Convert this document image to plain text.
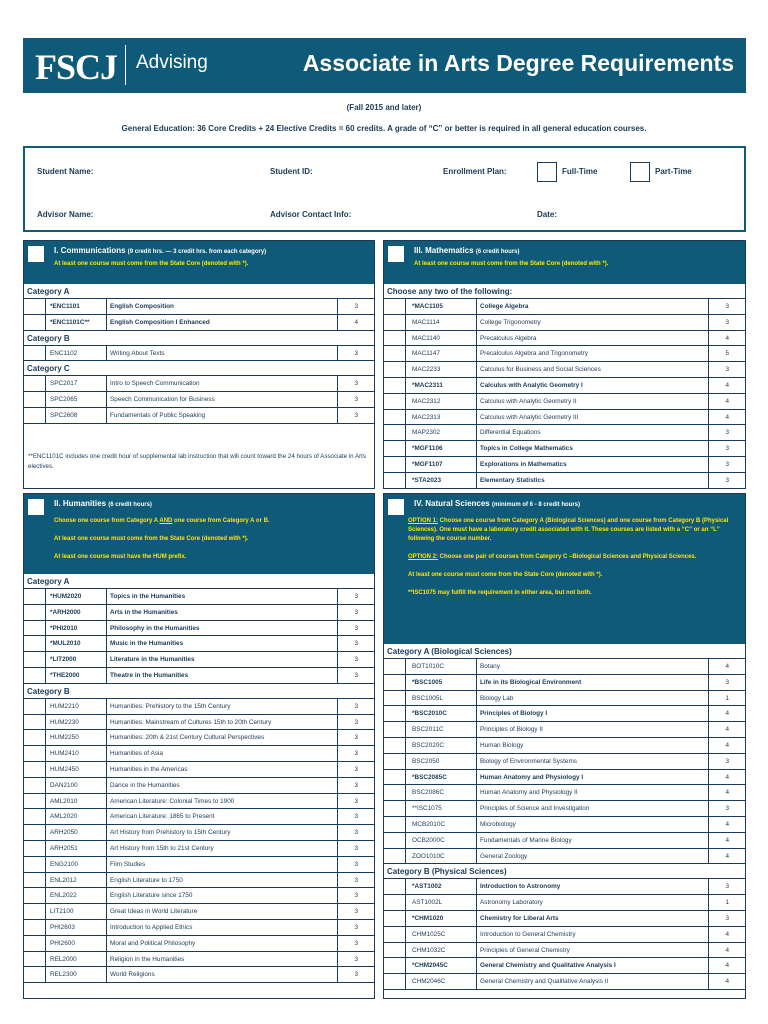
FSCJ Advising	Associate in Arts Degree Requirements
(Fall 2015 and later)
General Education: 36 Core Credits + 24 Elective Credits = 60 credits. A grade of “C” or better is required in all general education courses.
Student Name:	Student ID:	Enrollment Plan:	Full-Time	Part-Time
Advisor Name:	Advisor Contact Info:	Date:
I. Communications (9 credit hrs. — 3 credit hrs. from each category)
At least one course must come from the State Core (denoted with *).
Category A
*ENC1101	English Composition	3
*ENC1101C**	English Composition I Enhanced	4
Category B
ENC1102	Writing About Texts	3
Category C
SPC2017	Intro to Speech Communication	3
SPC2065	Speech Communication for Business	3
SPC2608	Fundamentals of Public Speaking	3
**ENC1101C includes one credit hour of supplemental lab instruction that will count toward the 24 hours of Associate in Arts electives.
III. Mathematics (6 credit hours)
At least one course must come from the State Core (denoted with *).
Choose any two of the following:
*MAC1105	College Algebra	3
MAC1114	College Trigonometry	3
MAC1140	Precalculus Algebra	4
MAC1147	Precalculus Algebra and Trigonometry	5
MAC2233	Calculus for Business and Social Sciences	3
*MAC2311	Calculus with Analytic Geometry I	4
MAC2312	Calculus with Analytic Geometry II	4
MAC2313	Calculus with Analytic Geometry III	4
MAP2302	Differential Equations	3
*MGF1106	Topics in College Mathematics	3
*MGF1107	Explorations in Mathematics	3
*STA2023	Elementary Statistics	3
II. Humanities (6 credit hours)
Choose one course from Category A AND one course from Category A or B.
At least one course must come from the State Core (denoted with *).
At least one course must have the HUM prefix.
Category A
*HUM2020	Topics in the Humanities	3
*ARH2000	Arts in the Humanities	3
*PHI2010	Philosophy in the Humanities	3
*MUL2010	Music in the Humanities	3
*LIT2000	Literature in the Humanities	3
*THE2000	Theatre in the Humanities	3
Category B
HUM2210	Humanities: Prehistory to the 15th Century	3
HUM2230	Humanities: Mainstream of Cultures 15th to 20th Century	3
HUM2250	Humanities: 20th & 21st Century Cultural Perspectives	3
HUM2410	Humanities of Asia	3
HUM2450	Humanities in the Americas	3
DAN2100	Dance in the Humanities	3
AML2010	American Literature: Colonial Times to 1900	3
AML2020	American Literature: 1865 to Present	3
ARH2050	Art History from Prehistory to 15th Century	3
ARH2051	Art History from 15th to 21st Century	3
ENG2100	Film Studies	3
ENL2012	English Literature to 1750	3
ENL2022	English Literature since 1750	3
LIT2100	Great Ideas in World Literature	3
PHI2603	Introduction to Applied Ethics	3
PHI2600	Moral and Political Philosophy	3
REL2000	Religion in the Humanities	3
REL2300	World Religions	3
IV. Natural Sciences (minimum of 6 - 8 credit hours)
OPTION 1: Choose one course from Category A (Biological Sciences) and one course from Category B (Physical Sciences). One must have a laboratory credit associated with it. These courses are listed with a “C” or an “L” following the course number.
OPTION 2: Choose one pair of courses from Category C –Biological Sciences and Physical Sciences.
At least one course must come from the State Core (denoted with *).
**ISC1075 may fulfill the requirement in either area, but not both.
Category A (Biological Sciences)
BOT1010C	Botany	4
*BSC1005	Life in its Biological Environment	3
BSC1005L	Biology Lab	1
*BSC2010C	Principles of Biology I	4
BSC2011C	Principles of Biology II	4
BSC2020C	Human Biology	4
BSC2050	Biology of Environmental Systems	3
*BSC2085C	Human Anatomy and Physiology I	4
BSC2086C	Human Anatomy and Physiology II	4
**ISC1075	Principles of Science and Investigation	3
MCB2010C	Microbiology	4
OCB2000C	Fundamentals of Marine Biology	4
ZOO1010C	General Zoology	4
Category B (Physical Sciences)
*AST1002	Introduction to Astronomy	3
AST1002L	Astronomy Laboratory	1
*CHM1020	Chemistry for Liberal Arts	3
CHM1025C	Introduction to General Chemistry	4
CHM1032C	Principles of General Chemistry	4
*CHM2045C	General Chemistry and Qualitative Analysis I	4
CHM2046C	General Chemistry and Qualitative Analysis II	4
